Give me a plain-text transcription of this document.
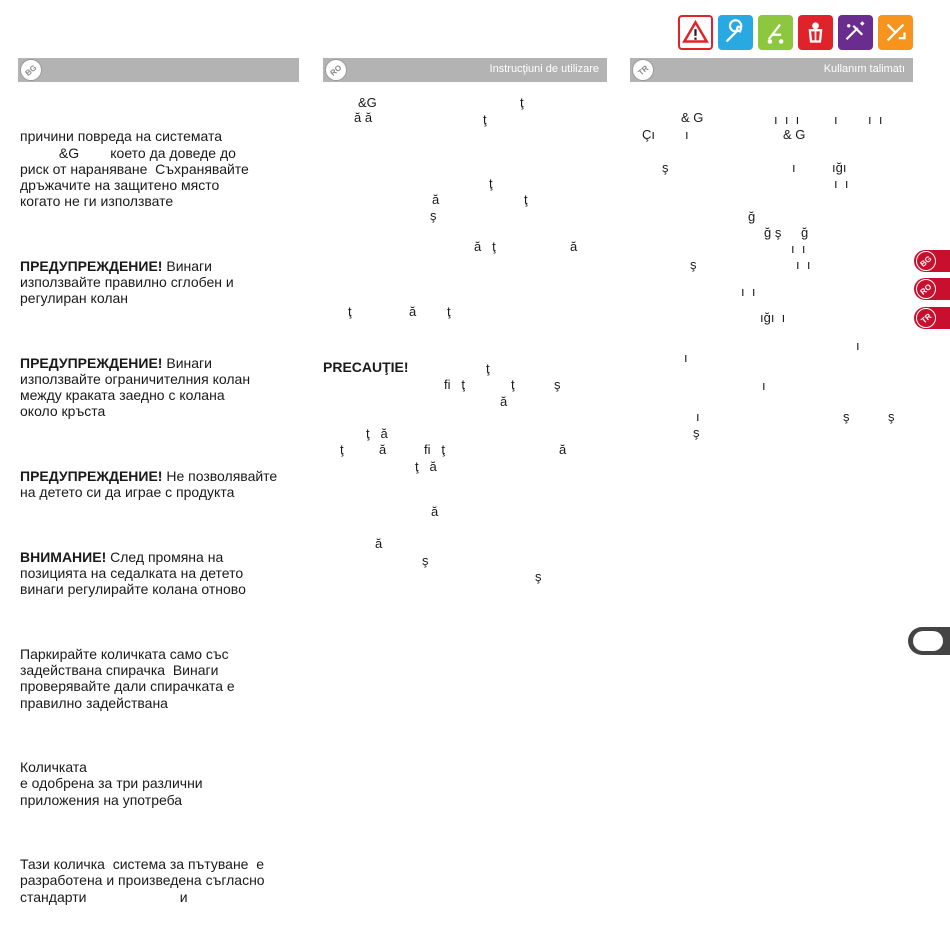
BG	RO	Instrucţiuni de utilizare	TR	Kullanım talimatı

причини повреда на системата
&G        което да доведе до
риск от нараняване  Съхранявайте
дръжачите на защитено място
когато не ги използвате

ПРЕДУПРЕЖДЕНИЕ! Винаги
използвайте правилно сглобен и
регулиран колан

ПРЕДУПРЕЖДЕНИЕ! Винаги
използвайте ограничителния колан
между краката заедно с колана
около кръста

ПРЕДУПРЕЖДЕНИЕ! Не позволявайте
на детето си да играе с продукта

ВНИМАНИЕ! След промяна на
позицията на седалката на детето
винаги регулирайте колана отново

Паркирайте количката само със
задействана спирачка  Винаги
проверявайте дали спирачката е
правилно задействана

Количката
е одобрена за три различни
приложения на употреба

Тази количка  система за пътуване  е
разработена и произведена съгласно
стандарти                        и

&G	ţ
ă ă	ţ
ţ
ă	ţ
ş
ă   ţ	ă
ţ	ă ţ
PRECAUŢIE!	ţ
fi   ţ	ţ	ş
ă
ţ   ă
ţ	ă	fi   ţ	ă
ţ   ă
ă
ă
ş
ş
& G	ı  ı  ı	ı ı  ı
Çı ı	& G
ş	ı	ığı
ı  ı
ğ
ğ ş ğ
ı  ı
ş	ı  ı
ı  ı
ığı  ı
ı
ı
ı
ı	ş	ş
ş
BG
RO
TR
